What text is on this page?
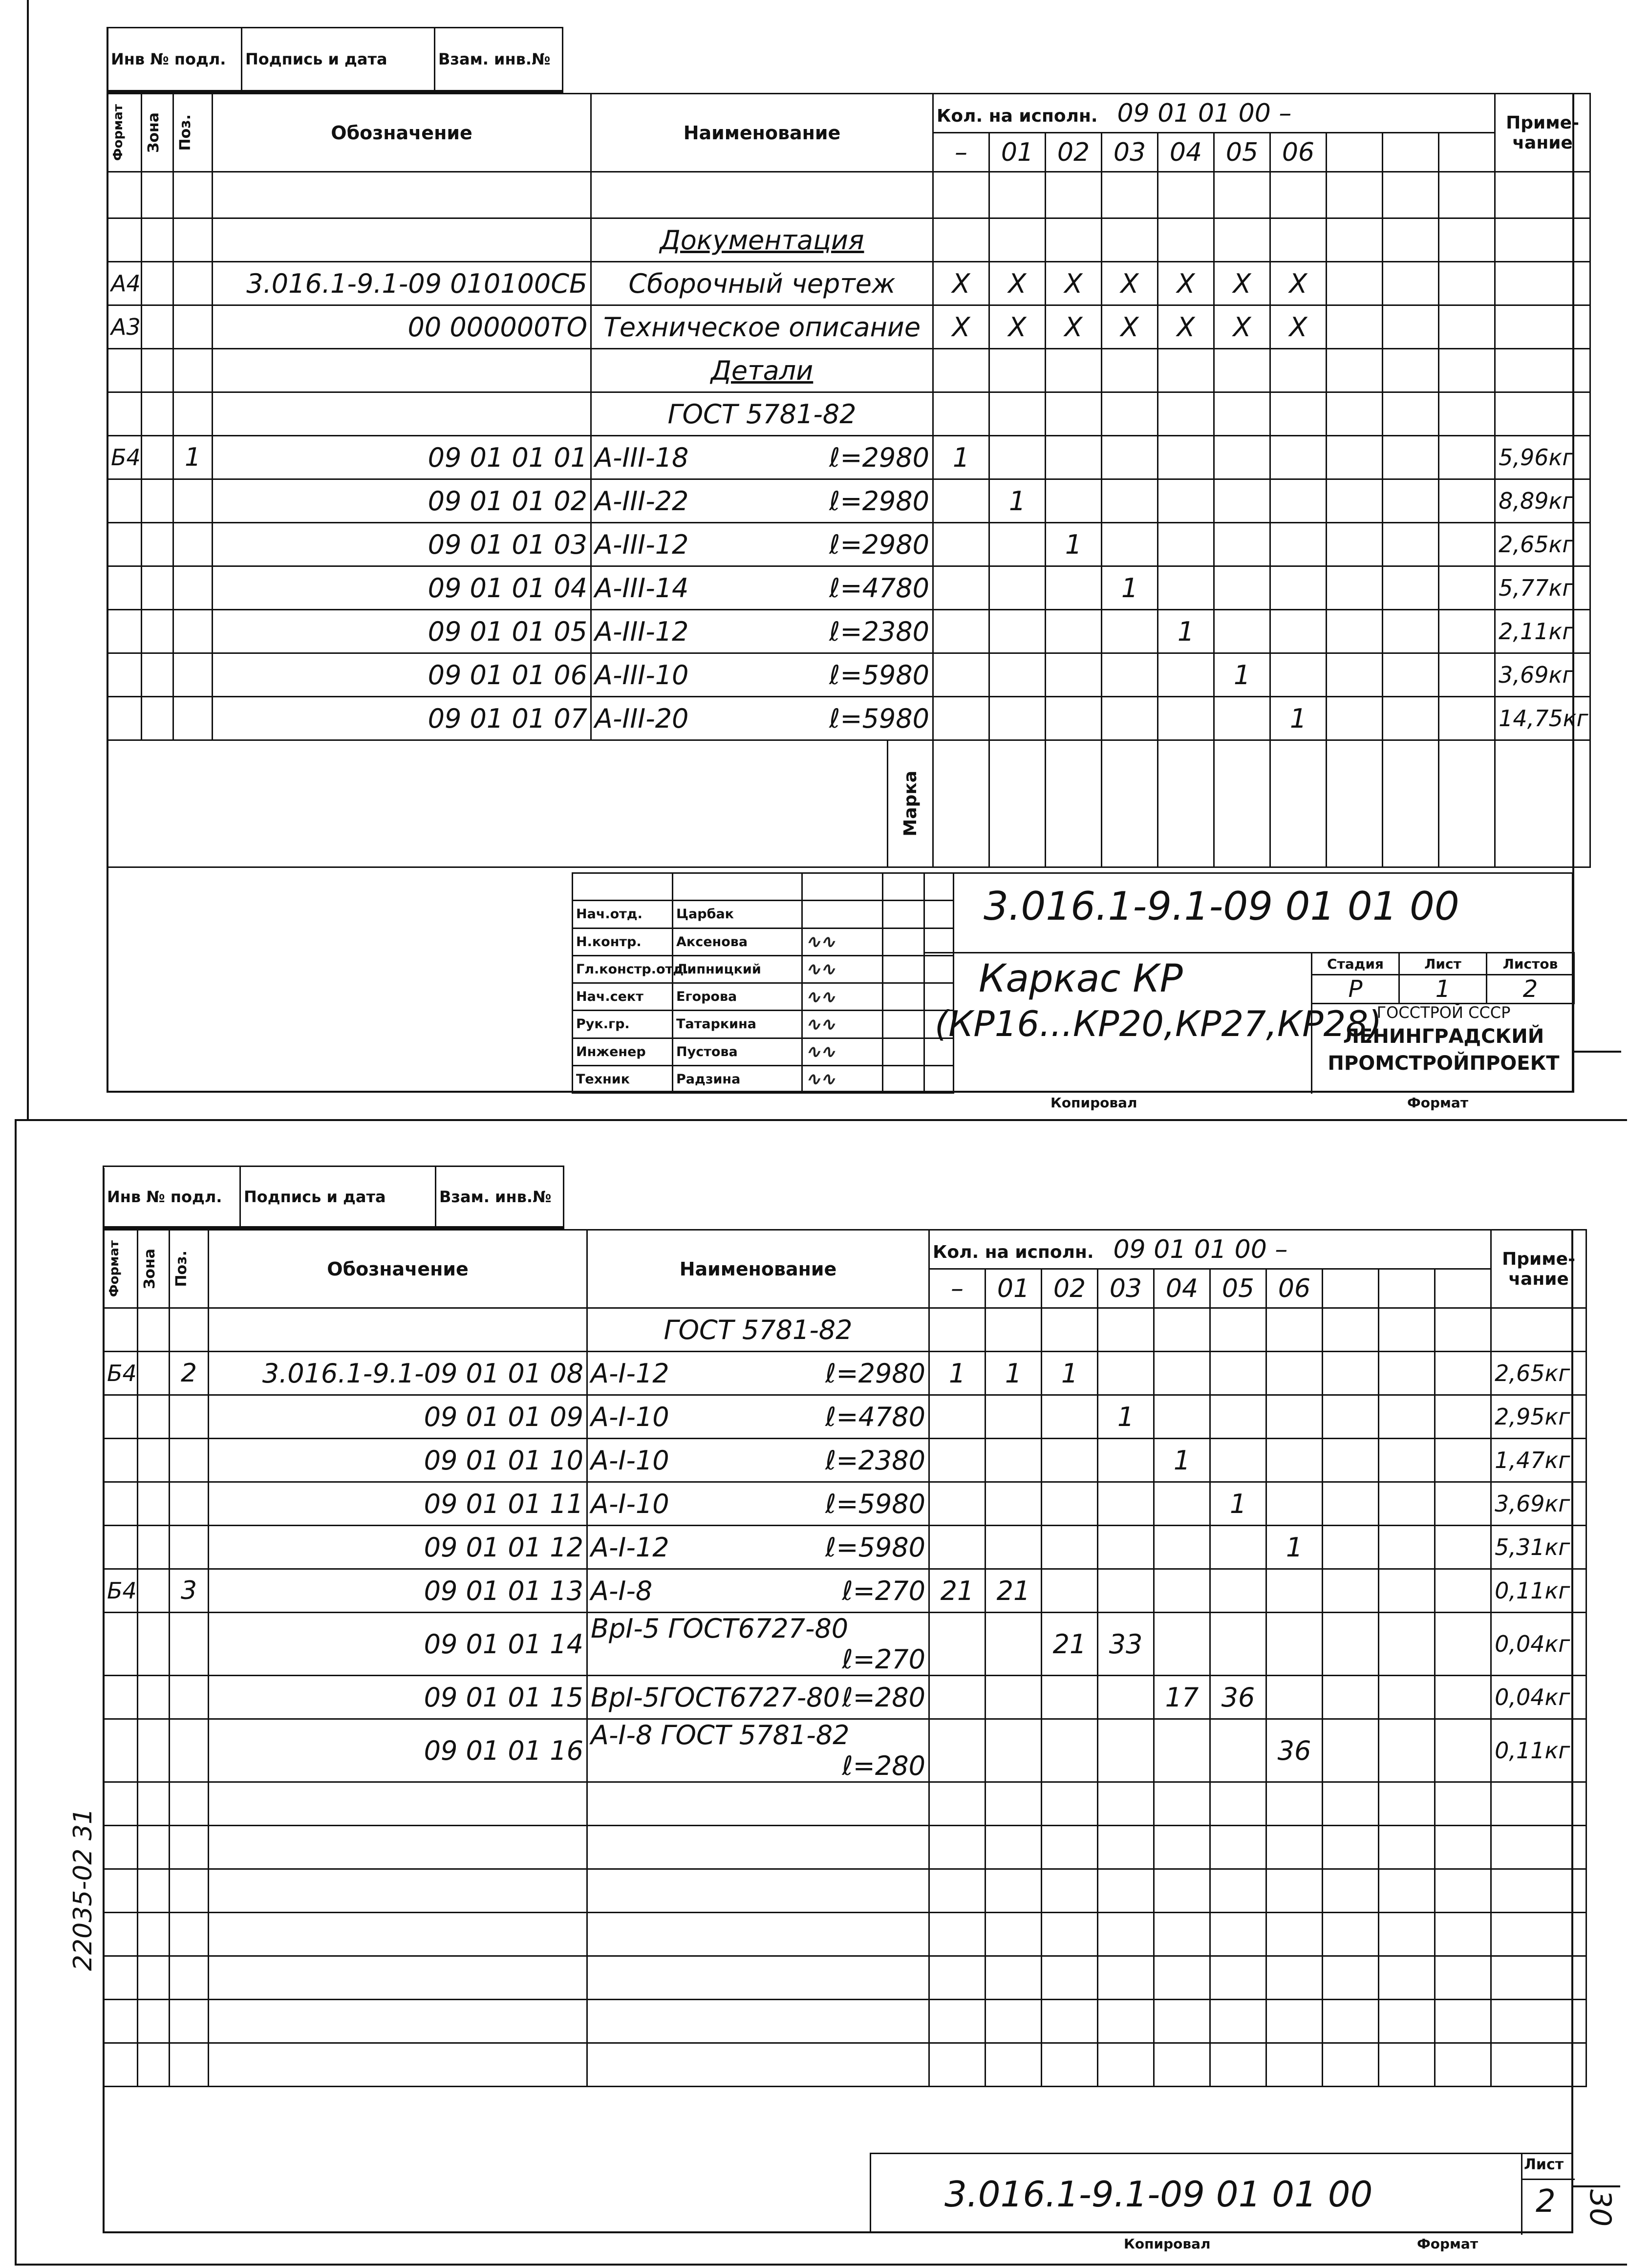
Инв № подл.	Подпись и дата	Взам. инв.№

Формат	Зона	Поз.	Обозначение	Наименование	Кол. на исполн. 09 01 01 00 –										Приме-чание
					–	01	02	03	04	05	06				

				Документация											
А4			3.016.1-9.1-09 010100СБ	Сборочный чертеж	X	X	X	X	X	X	X				
А3			00 000000ТО	Техническое описание	X	X	X	X	X	X	X				
				Детали											
				ГОСТ 5781-82											
Б4		1	09 01 01 01	А-III-18 ℓ=2980	1										5,96кг
			09 01 01 02	А-III-22 ℓ=2980		1									8,89кг
			09 01 01 03	А-III-12 ℓ=2980			1								2,65кг
			09 01 01 04	А-III-14 ℓ=4780				1							5,77кг
			09 01 01 05	А-III-12 ℓ=2380					1						2,11кг
			09 01 01 06	А-III-10 ℓ=5980						1					3,69кг
			09 01 01 07	А-III-20 ℓ=5980							1				14,75кг

Марка															

Нач.отд.	Царбак		
Н.контр.	Аксенова	∿∿	
Гл.констр.отд.	Липницкий	∿∿	
Нач.сект	Егорова	∿∿	
Рук.гр.	Татаркина	∿∿	
Инженер	Пустова	∿∿	
Техник	Радзина	∿∿	
3.016.1-9.1-09 01 01 00
Каркас КР
(КР16...КР20,КР27,КР28)
Стадия	Лист	Листов
Р	1	2
ГОССТРОЙ СССР
ЛЕНИНГРАДСКИЙ
ПРОМСТРОЙПРОЕКТ
Копировал	Формат
Инв № подл.	Подпись и дата	Взам. инв.№

Формат	Зона	Поз.	Обозначение	Наименование	Кол. на исполн. 09 01 01 00 –										Приме-чание
					–	01	02	03	04	05	06				
				ГОСТ 5781-82											
Б4		2	3.016.1-9.1-09 01 01 08	А-I-12 ℓ=2980	1	1	1								2,65кг
			09 01 01 09	А-I-10 ℓ=4780				1							2,95кг
			09 01 01 10	А-I-10 ℓ=2380					1						1,47кг
			09 01 01 11	А-I-10 ℓ=5980						1					3,69кг
			09 01 01 12	А-I-12 ℓ=5980							1				5,31кг
Б4		3	09 01 01 13	А-I-8 ℓ=270	21	21									0,11кг
			09 01 01 14	ВрI-5 ГОСТ6727-80
ℓ=270			21	33							0,04кг
			09 01 01 15	ВрI-5ГОСТ6727-80 ℓ=280					17	36					0,04кг
			09 01 01 16	А-I-8 ГОСТ 5781-82
ℓ=280							36				0,11кг

3.016.1-9.1-09 01 01 00
Лист
2
Копировал	Формат
30
22035-02 31
